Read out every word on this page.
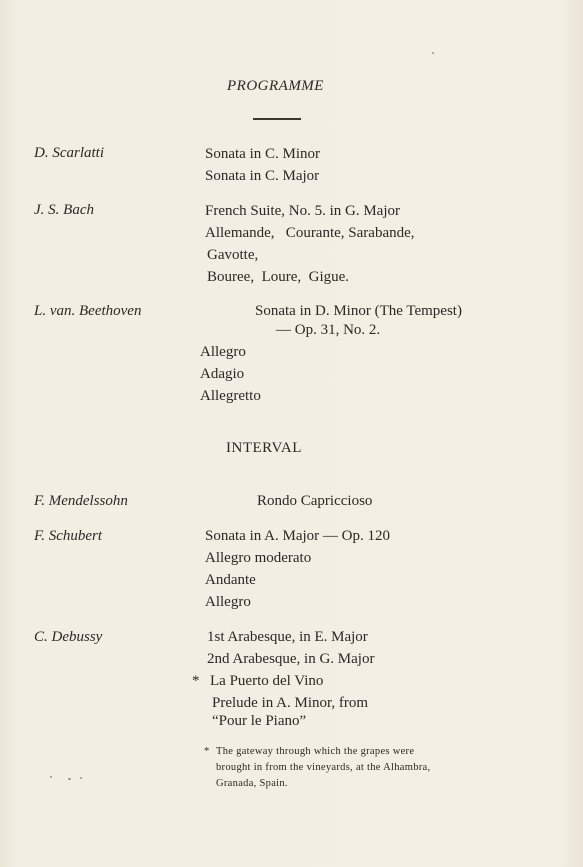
PROGRAMME
D. Scarlatti	Sonata in C. Minor
Sonata in C. Major
J. S. Bach	French Suite, No. 5. in G. Major
Allemande,   Courante, Sarabande,
Gavotte,
Bouree,  Loure,  Gigue.
L. van. Beethoven	Sonata in D. Minor (The Tempest)
— Op. 31, No. 2.
Allegro
Adagio
Allegretto
INTERVAL
F. Mendelssohn	Rondo Capriccioso
F. Schubert	Sonata in A. Major — Op. 120
Allegro moderato
Andante
Allegro
C. Debussy	1st Arabesque, in E. Major
2nd Arabesque, in G. Major
* La Puerto del Vino
Prelude in A. Minor, from
“Pour le Piano”
* The gateway through which the grapes were
brought in from the vineyards, at the Alhambra,
Granada, Spain.
